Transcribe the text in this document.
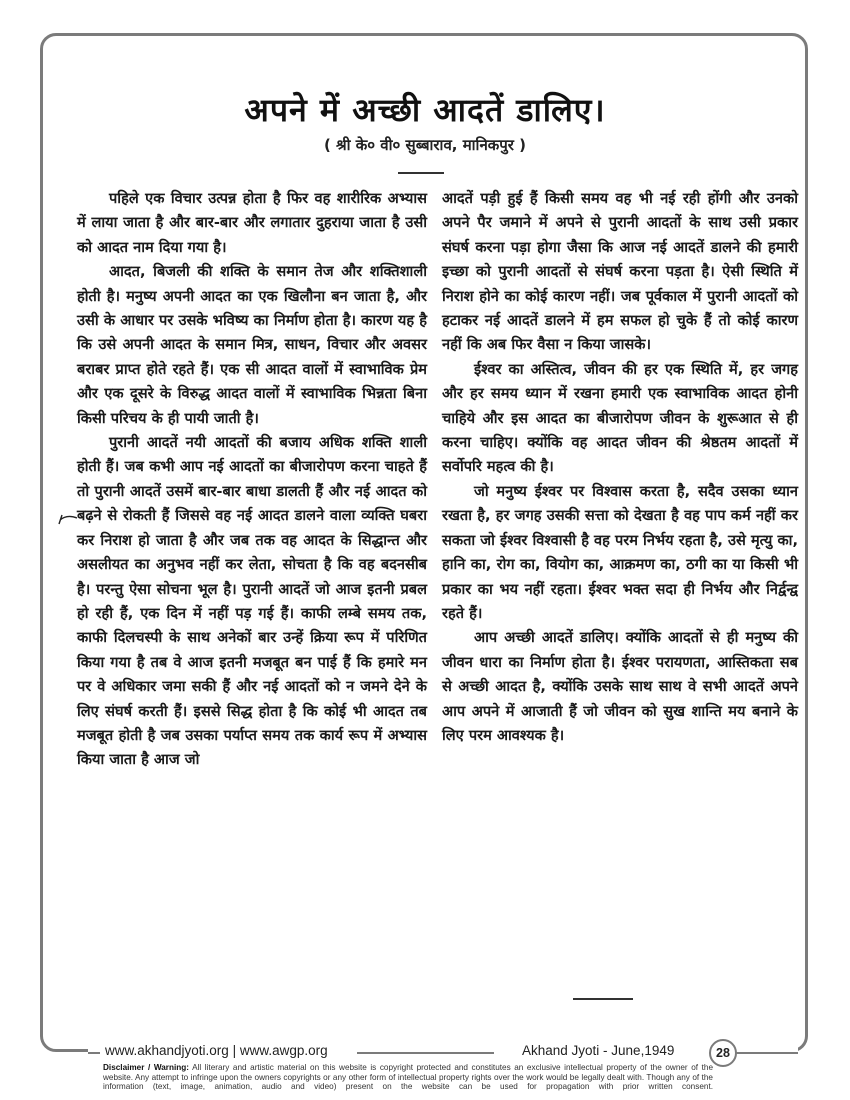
अपने में अच्छी आदतें डालिए।
( श्री के० वी० सुब्बाराव, मानिकपुर )

पहिले एक विचार उत्पन्न होता है फिर वह शारीरिक अभ्यास में लाया जाता है और बार-बार और लगातार दुहराया जाता है उसी को आदत नाम दिया गया है।

आदत, बिजली की शक्ति के समान तेज और शक्तिशाली होती है। मनुष्य अपनी आदत का एक खिलौना बन जाता है, और उसी के आधार पर उसके भविष्य का निर्माण होता है। कारण यह है कि उसे अपनी आदत के समान मित्र, साधन, विचार और अवसर बराबर प्राप्त होते रहते हैं। एक सी आदत वालों में स्वाभाविक प्रेम और एक दूसरे के विरुद्ध आदत वालों में स्वाभाविक भिन्नता बिना किसी परिचय के ही पायी जाती है।

पुरानी आदतें नयी आदतों की बजाय अधिक शक्ति शाली होती हैं। जब कभी आप नई आदतों का बीजारोपण करना चाहते हैं तो पुरानी आदतें उसमें बार-बार बाधा डालती हैं और नई आदत को बढ़ने से रोकती हैं जिससे वह नई आदत डालने वाला व्यक्ति घबरा कर निराश हो जाता है और जब तक वह आदत के सिद्धान्त और असलीयत का अनुभव नहीं कर लेता, सोचता है कि वह बदनसीब है। परन्तु ऐसा सोचना भूल है। पुरानी आदतें जो आज इतनी प्रबल हो रही हैं, एक दिन में नहीं पड़ गई हैं। काफी लम्बे समय तक, काफी दिलचस्पी के साथ अनेकों बार उन्हें क्रिया रूप में परिणित किया गया है तब वे आज इतनी मजबूत बन पाई हैं कि हमारे मन पर वे अधिकार जमा सकी हैं और नई आदतों को न जमने देने के लिए संघर्ष करती हैं। इससे सिद्ध होता है कि कोई भी आदत तब मजबूत होती है जब उसका पर्याप्त समय तक कार्य रूप में अभ्यास किया जाता है आज जो

आदतें पड़ी हुई हैं किसी समय वह भी नई रही होंगी और उनको अपने पैर जमाने में अपने से पुरानी आदतों के साथ उसी प्रकार संघर्ष करना पड़ा होगा जैसा कि आज नई आदतें डालने की हमारी इच्छा को पुरानी आदतों से संघर्ष करना पड़ता है। ऐसी स्थिति में निराश होने का कोई कारण नहीं। जब पूर्वकाल में पुरानी आदतों को हटाकर नई आदतें डालने में हम सफल हो चुके हैं तो कोई कारण नहीं कि अब फिर वैसा न किया जासके।

ईश्वर का अस्तित्व, जीवन की हर एक स्थिति में, हर जगह और हर समय ध्यान में रखना हमारी एक स्वाभाविक आदत होनी चाहिये और इस आदत का बीजारोपण जीवन के शुरूआत से ही करना चाहिए। क्योंकि वह आदत जीवन की श्रेष्ठतम आदतों में सर्वोपरि महत्व की है।

जो मनुष्य ईश्वर पर विश्वास करता है, सदैव उसका ध्यान रखता है, हर जगह उसकी सत्ता को देखता है वह पाप कर्म नहीं कर सकता जो ईश्वर विश्वासी है वह परम निर्भय रहता है, उसे मृत्यु का, हानि का, रोग का, वियोग का, आक्रमण का, ठगी का या किसी भी प्रकार का भय नहीं रहता। ईश्वर भक्त सदा ही निर्भय और निर्द्वन्द्व रहते हैं।

आप अच्छी आदतें डालिए। क्योंकि आदतों से ही मनुष्य की जीवन धारा का निर्माण होता है। ईश्वर परायणता, आस्तिकता सब से अच्छी आदत है, क्योंकि उसके साथ साथ वे सभी आदतें अपने आप अपने में आजाती हैं जो जीवन को सुख शान्ति मय बनाने के लिए परम आवश्यक है।

www.akhandjyoti.org | www.awgp.org	Akhand Jyoti - June,1949	28
Disclaimer / Warning: All literary and artistic material on this website is copyright protected and constitutes an exclusive intellectual property of the owner of the website. Any attempt to infringe upon the owners copyrights or any other form of intellectual property rights over the work would be legally dealt with. Though any of the information (text, image, animation, audio and video) present on the website can be used for propagation with prior written consent.
